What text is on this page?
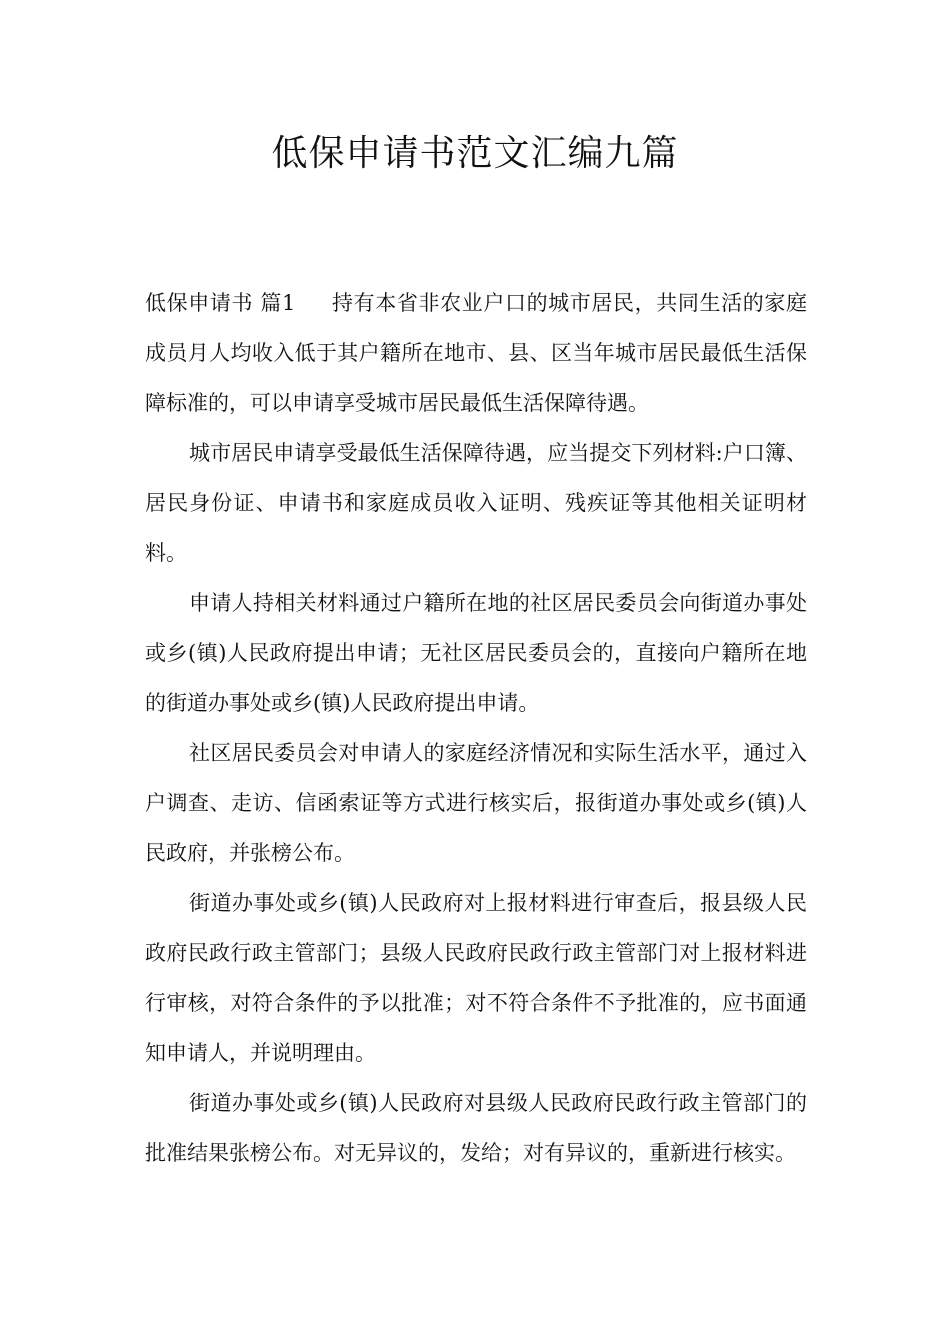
低保申请书范文汇编九篇

低保申请书 篇1 持有本省非农业户口的城市居民，共同生活的家庭成员月人均收入低于其户籍所在地市、县、区当年城市居民最低生活保障标准的，可以申请享受城市居民最低生活保障待遇。

城市居民申请享受最低生活保障待遇，应当提交下列材料:户口簿、居民身份证、申请书和家庭成员收入证明、残疾证等其他相关证明材料。

申请人持相关材料通过户籍所在地的社区居民委员会向街道办事处或乡(镇)人民政府提出申请；无社区居民委员会的，直接向户籍所在地的街道办事处或乡(镇)人民政府提出申请。

社区居民委员会对申请人的家庭经济情况和实际生活水平，通过入户调查、走访、信函索证等方式进行核实后，报街道办事处或乡(镇)人民政府，并张榜公布。

街道办事处或乡(镇)人民政府对上报材料进行审查后，报县级人民政府民政行政主管部门；县级人民政府民政行政主管部门对上报材料进行审核，对符合条件的予以批准；对不符合条件不予批准的，应书面通知申请人，并说明理由。

街道办事处或乡(镇)人民政府对县级人民政府民政行政主管部门的批准结果张榜公布。对无异议的，发给；对有异议的，重新进行核实。
